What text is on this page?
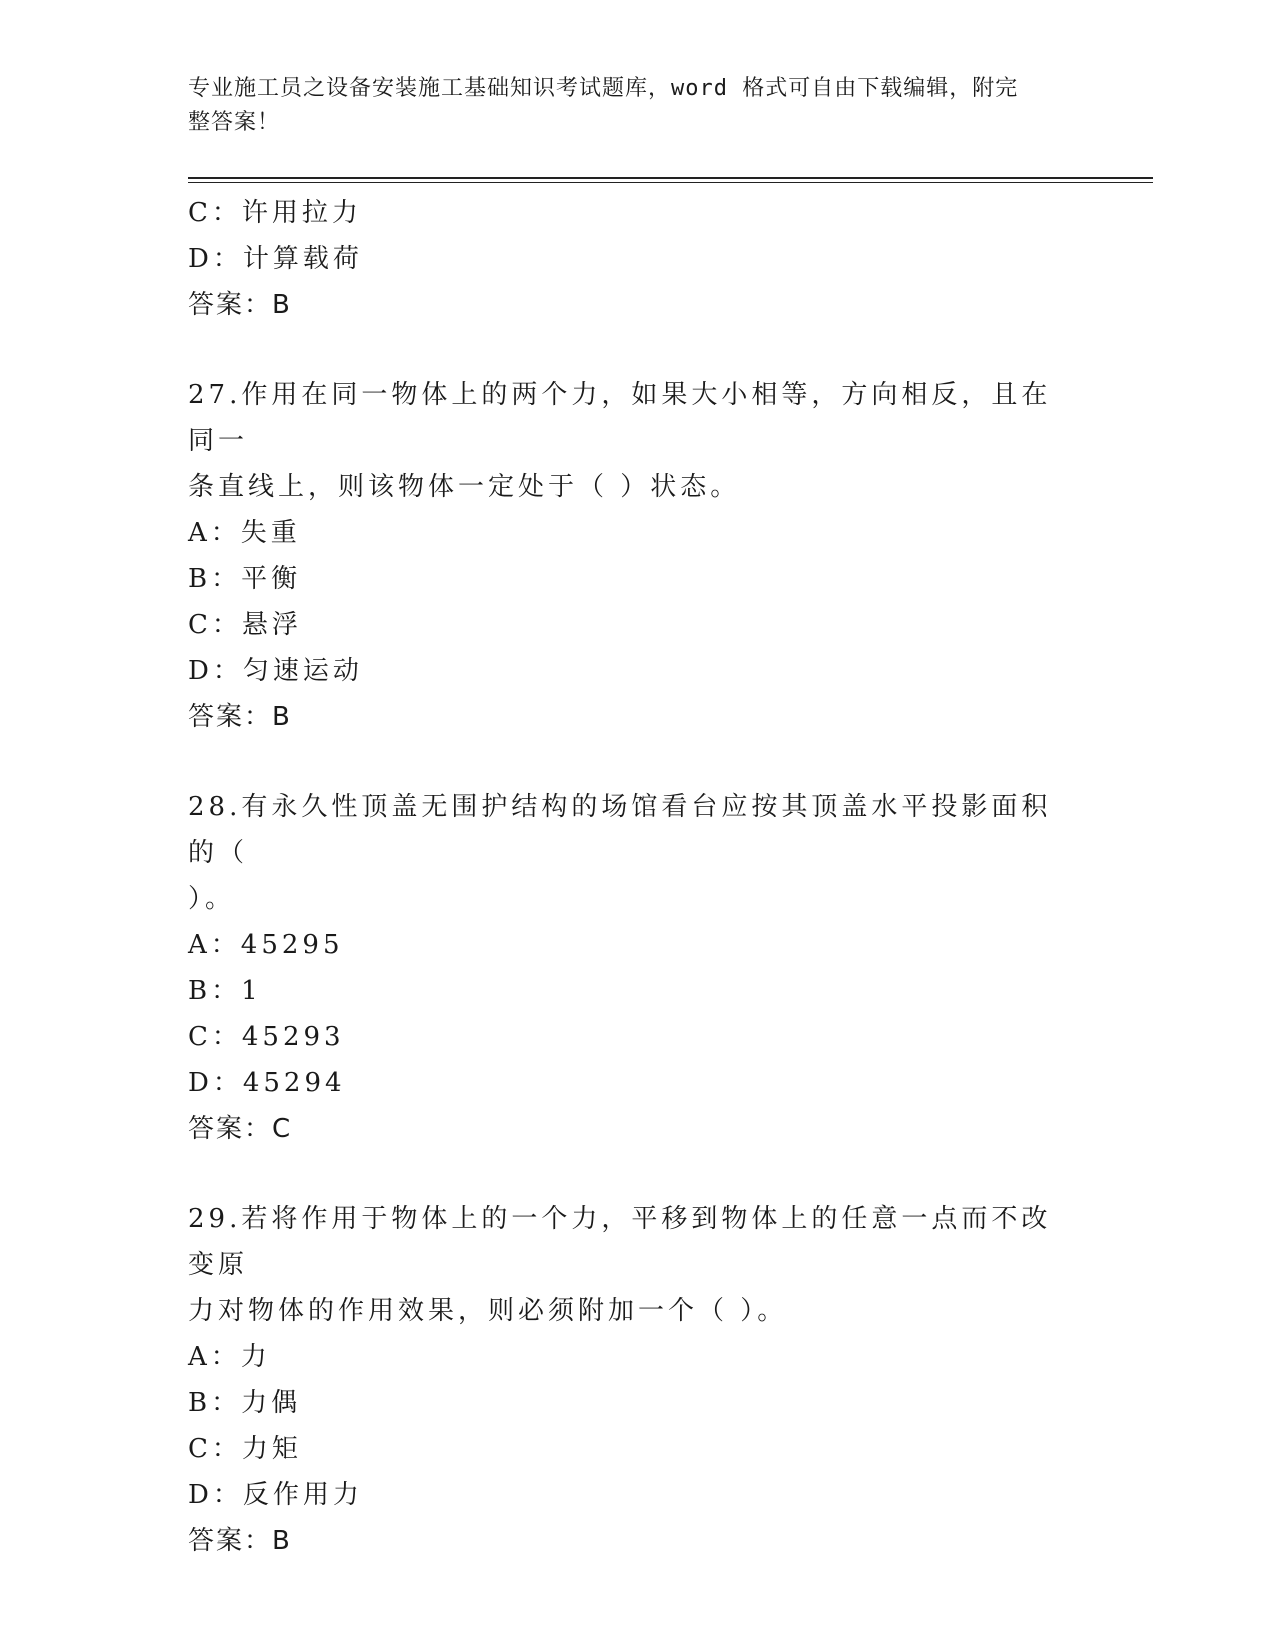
专业施工员之设备安装施工基础知识考试题库，word 格式可自由下载编辑，附完
整答案！
C：许用拉力
D：计算载荷
答案：B
27.作用在同一物体上的两个力，如果大小相等，方向相反，且在同一
条直线上，则该物体一定处于（ ）状态。
A：失重
B：平衡
C：悬浮
D：匀速运动
答案：B
28.有永久性顶盖无围护结构的场馆看台应按其顶盖水平投影面积的（
）。
A：45295
B：1
C：45293
D：45294
答案：C
29.若将作用于物体上的一个力，平移到物体上的任意一点而不改变原
力对物体的作用效果，则必须附加一个（ ）。
A：力
B：力偶
C：力矩
D：反作用力
答案：B
